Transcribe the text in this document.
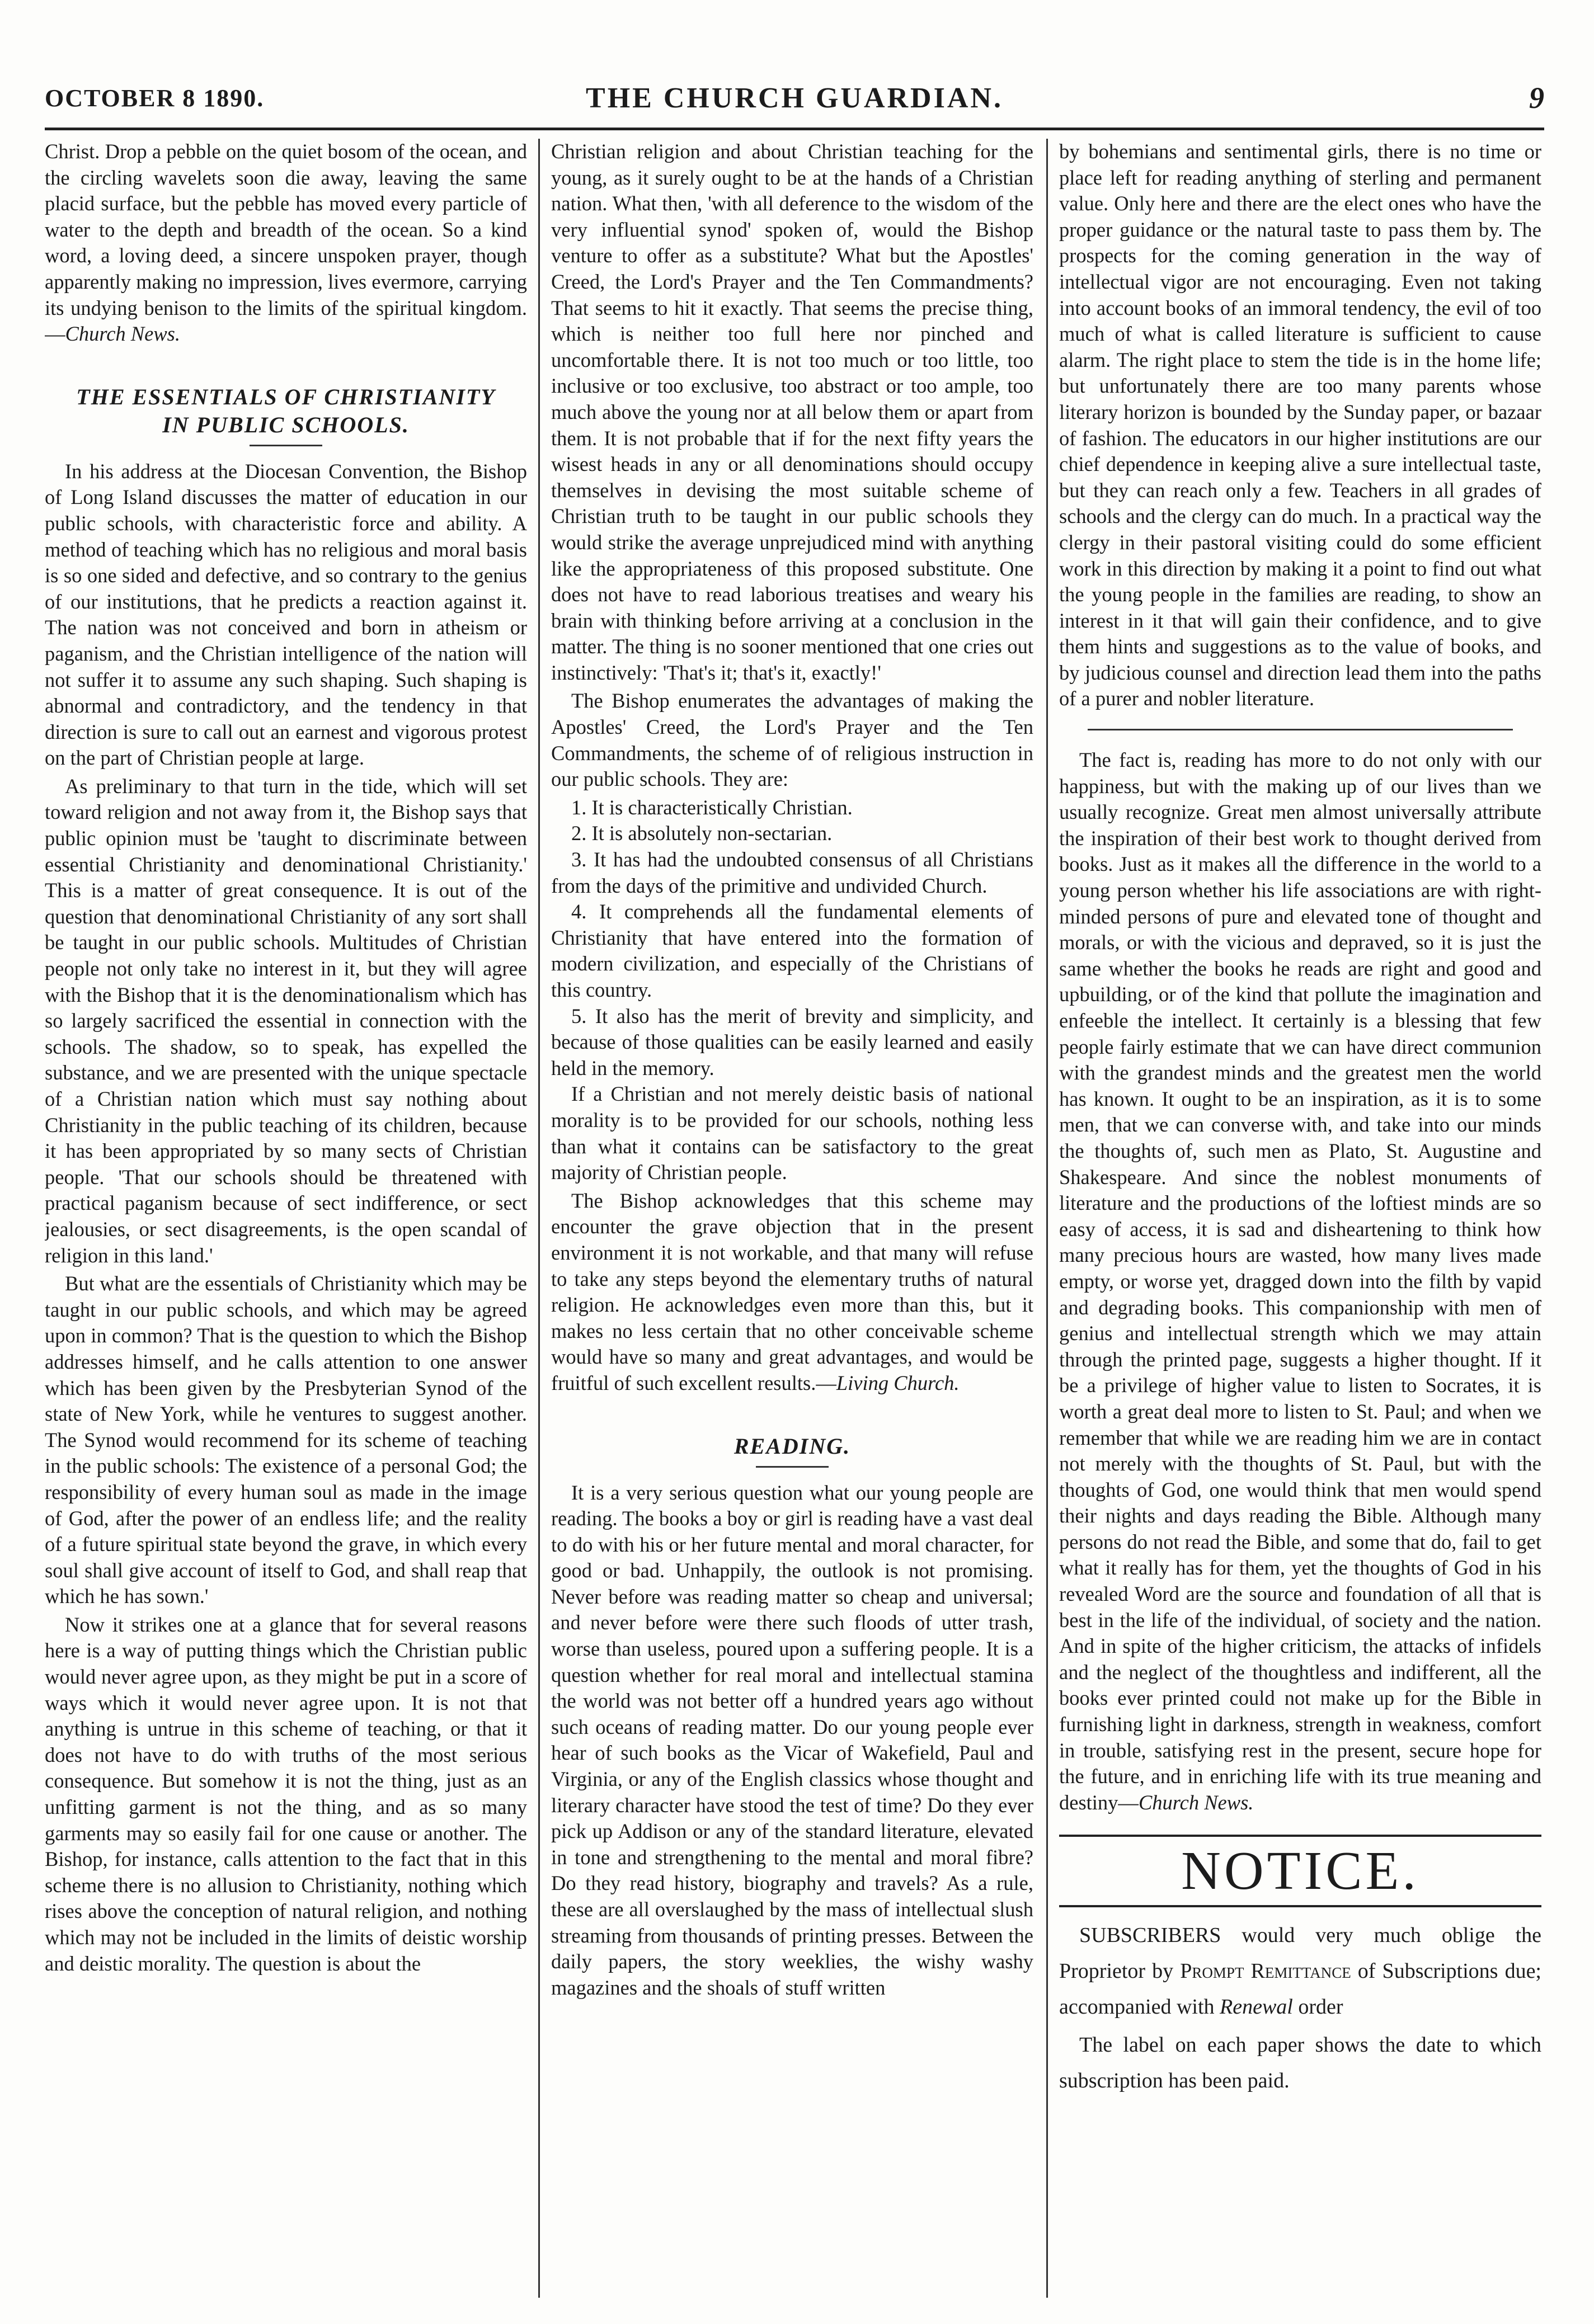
OCTOBER 8 1890.	THE CHURCH GUARDIAN.	9

Christ. Drop a pebble on the quiet bosom of the ocean, and the circling wavelets soon die away, leaving the same placid surface, but the pebble has moved every particle of water to the depth and breadth of the ocean. So a kind word, a loving deed, a sincere unspoken prayer, though apparently making no impression, lives evermore, carrying its undying benison to the limits of the spiritual kingdom.—Church News.

THE ESSENTIALS OF CHRISTIANITY
IN PUBLIC SCHOOLS.

In his address at the Diocesan Convention, the Bishop of Long Island discusses the matter of education in our public schools, with characteristic force and ability. A method of teaching which has no religious and moral basis is so one sided and defective, and so contrary to the genius of our institutions, that he predicts a reaction against it. The nation was not conceived and born in atheism or paganism, and the Christian intelligence of the nation will not suffer it to assume any such shaping. Such shaping is abnormal and contradictory, and the tendency in that direction is sure to call out an earnest and vigorous protest on the part of Christian people at large.

As preliminary to that turn in the tide, which will set toward religion and not away from it, the Bishop says that public opinion must be 'taught to discriminate between essential Christianity and denominational Christianity.' This is a matter of great consequence. It is out of the question that denominational Christianity of any sort shall be taught in our public schools. Multitudes of Christian people not only take no interest in it, but they will agree with the Bishop that it is the denominationalism which has so largely sacrificed the essential in connection with the schools. The shadow, so to speak, has expelled the substance, and we are presented with the unique spectacle of a Christian nation which must say nothing about Christianity in the public teaching of its children, because it has been appropriated by so many sects of Christian people. 'That our schools should be threatened with practical paganism because of sect indifference, or sect jealousies, or sect disagreements, is the open scandal of religion in this land.'

But what are the essentials of Christianity which may be taught in our public schools, and which may be agreed upon in common? That is the question to which the Bishop addresses himself, and he calls attention to one answer which has been given by the Presbyterian Synod of the state of New York, while he ventures to suggest another. The Synod would recommend for its scheme of teaching in the public schools: The existence of a personal God; the responsibility of every human soul as made in the image of God, after the power of an endless life; and the reality of a future spiritual state beyond the grave, in which every soul shall give account of itself to God, and shall reap that which he has sown.'

Now it strikes one at a glance that for several reasons here is a way of putting things which the Christian public would never agree upon, as they might be put in a score of ways which it would never agree upon. It is not that anything is untrue in this scheme of teaching, or that it does not have to do with truths of the most serious consequence. But somehow it is not the thing, just as an unfitting garment is not the thing, and as so many garments may so easily fail for one cause or another. The Bishop, for instance, calls attention to the fact that in this scheme there is no allusion to Christianity, nothing which rises above the conception of natural religion, and nothing which may not be included in the limits of deistic worship and deistic morality. The question is about the

Christian religion and about Christian teaching for the young, as it surely ought to be at the hands of a Christian nation. What then, 'with all deference to the wisdom of the very influential synod' spoken of, would the Bishop venture to offer as a substitute? What but the Apostles' Creed, the Lord's Prayer and the Ten Commandments? That seems to hit it exactly. That seems the precise thing, which is neither too full here nor pinched and uncomfortable there. It is not too much or too little, too inclusive or too exclusive, too abstract or too ample, too much above the young nor at all below them or apart from them. It is not probable that if for the next fifty years the wisest heads in any or all denominations should occupy themselves in devising the most suitable scheme of Christian truth to be taught in our public schools they would strike the average unprejudiced mind with anything like the appropriateness of this proposed substitute. One does not have to read laborious treatises and weary his brain with thinking before arriving at a conclusion in the matter. The thing is no sooner mentioned that one cries out instinctively: 'That's it; that's it, exactly!'

The Bishop enumerates the advantages of making the Apostles' Creed, the Lord's Prayer and the Ten Commandments, the scheme of of religious instruction in our public schools. They are:

1. It is characteristically Christian.
2. It is absolutely non-sectarian.
3. It has had the undoubted consensus of all Christians from the days of the primitive and undivided Church.
4. It comprehends all the fundamental elements of Christianity that have entered into the formation of modern civilization, and especially of the Christians of this country.
5. It also has the merit of brevity and simplicity, and because of those qualities can be easily learned and easily held in the memory.

If a Christian and not merely deistic basis of national morality is to be provided for our schools, nothing less than what it contains can be satisfactory to the great majority of Christian people.

The Bishop acknowledges that this scheme may encounter the grave objection that in the present environment it is not workable, and that many will refuse to take any steps beyond the elementary truths of natural religion. He acknowledges even more than this, but it makes no less certain that no other conceivable scheme would have so many and great advantages, and would be fruitful of such excellent results.—Living Church.

READING.

It is a very serious question what our young people are reading. The books a boy or girl is reading have a vast deal to do with his or her future mental and moral character, for good or bad. Unhappily, the outlook is not promising. Never before was reading matter so cheap and universal; and never before were there such floods of utter trash, worse than useless, poured upon a suffering people. It is a question whether for real moral and intellectual stamina the world was not better off a hundred years ago without such oceans of reading matter. Do our young people ever hear of such books as the Vicar of Wakefield, Paul and Virginia, or any of the English classics whose thought and literary character have stood the test of time? Do they ever pick up Addison or any of the standard literature, elevated in tone and strengthening to the mental and moral fibre? Do they read history, biography and travels? As a rule, these are all overslaughed by the mass of intellectual slush streaming from thousands of printing presses. Between the daily papers, the story weeklies, the wishy washy magazines and the shoals of stuff written

by bohemians and sentimental girls, there is no time or place left for reading anything of sterling and permanent value. Only here and there are the elect ones who have the proper guidance or the natural taste to pass them by. The prospects for the coming generation in the way of intellectual vigor are not encouraging. Even not taking into account books of an immoral tendency, the evil of too much of what is called literature is sufficient to cause alarm. The right place to stem the tide is in the home life; but unfortunately there are too many parents whose literary horizon is bounded by the Sunday paper, or bazaar of fashion. The educators in our higher institutions are our chief dependence in keeping alive a sure intellectual taste, but they can reach only a few. Teachers in all grades of schools and the clergy can do much. In a practical way the clergy in their pastoral visiting could do some efficient work in this direction by making it a point to find out what the young people in the families are reading, to show an interest in it that will gain their confidence, and to give them hints and suggestions as to the value of books, and by judicious counsel and direction lead them into the paths of a purer and nobler literature.

The fact is, reading has more to do not only with our happiness, but with the making up of our lives than we usually recognize. Great men almost universally attribute the inspiration of their best work to thought derived from books. Just as it makes all the difference in the world to a young person whether his life associations are with right-minded persons of pure and elevated tone of thought and morals, or with the vicious and depraved, so it is just the same whether the books he reads are right and good and upbuilding, or of the kind that pollute the imagination and enfeeble the intellect. It certainly is a blessing that few people fairly estimate that we can have direct communion with the grandest minds and the greatest men the world has known. It ought to be an inspiration, as it is to some men, that we can converse with, and take into our minds the thoughts of, such men as Plato, St. Augustine and Shakespeare. And since the noblest monuments of literature and the productions of the loftiest minds are so easy of access, it is sad and disheartening to think how many precious hours are wasted, how many lives made empty, or worse yet, dragged down into the filth by vapid and degrading books. This companionship with men of genius and intellectual strength which we may attain through the printed page, suggests a higher thought. If it be a privilege of higher value to listen to Socrates, it is worth a great deal more to listen to St. Paul; and when we remember that while we are reading him we are in contact not merely with the thoughts of St. Paul, but with the thoughts of God, one would think that men would spend their nights and days reading the Bible. Although many persons do not read the Bible, and some that do, fail to get what it really has for them, yet the thoughts of God in his revealed Word are the source and foundation of all that is best in the life of the individual, of society and the nation. And in spite of the higher criticism, the attacks of infidels and the neglect of the thoughtless and indifferent, all the books ever printed could not make up for the Bible in furnishing light in darkness, strength in weakness, comfort in trouble, satisfying rest in the present, secure hope for the future, and in enriching life with its true meaning and destiny—Church News.

NOTICE.

SUBSCRIBERS would very much oblige the Proprietor by Prompt Remittance of Subscriptions due; accompanied with Renewal order

The label on each paper shows the date to which subscription has been paid.
